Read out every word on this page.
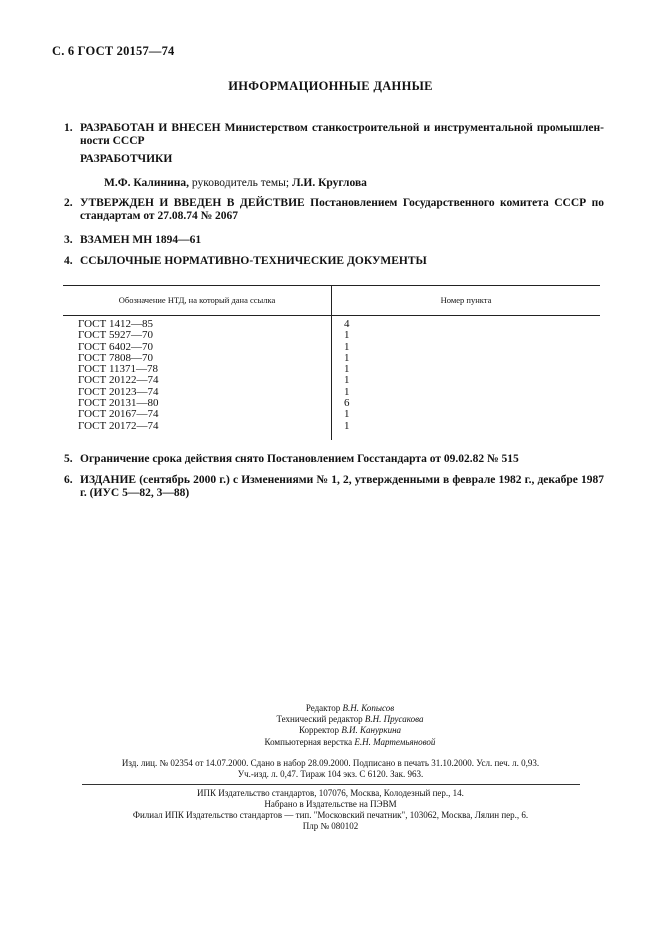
С. 6 ГОСТ 20157—74
ИНФОРМАЦИОННЫЕ ДАННЫЕ
1. РАЗРАБОТАН И ВНЕСЕН Министерством станкостроительной и инструментальной промышлен-ности СССР
РАЗРАБОТЧИКИ
М.Ф. Калинина, руководитель темы; Л.И. Круглова
2. УТВЕРЖДЕН И ВВЕДЕН В ДЕЙСТВИЕ Постановлением Государственного комитета СССР по стандартам от 27.08.74 № 2067
3. ВЗАМЕН МН 1894—61
4. ССЫЛОЧНЫЕ НОРМАТИВНО-ТЕХНИЧЕСКИЕ ДОКУМЕНТЫ
Обозначение НТД, на который дана ссылка	Номер пункта
ГОСТ 1412—85	4
ГОСТ 5927—70	1
ГОСТ 6402—70	1
ГОСТ 7808—70	1
ГОСТ 11371—78	1
ГОСТ 20122—74	1
ГОСТ 20123—74	1
ГОСТ 20131—80	6
ГОСТ 20167—74	1
ГОСТ 20172—74	1
5. Ограничение срока действия снято Постановлением Госстандарта от 09.02.82 № 515
6. ИЗДАНИЕ (сентябрь 2000 г.) с Изменениями № 1, 2, утвержденными в феврале 1982 г., декабре 1987 г. (ИУС 5—82, 3—88)
Редактор В.Н. Копысов
Технический редактор В.Н. Прусакова
Корректор В.И. Кануркина
Компьютерная верстка Е.Н. Мартемьяновой
Изд. лиц. № 02354 от 14.07.2000. Сдано в набор 28.09.2000. Подписано в печать 31.10.2000. Усл. печ. л. 0,93.
Уч.-изд. л. 0,47. Тираж 104 экз. С 6120. Зак. 963.
ИПК Издательство стандартов, 107076, Москва, Колодезный пер., 14.
Набрано в Издательстве на ПЭВМ
Филиал ИПК Издательство стандартов — тип. "Московский печатник", 103062, Москва, Лялин пер., 6.
Плр № 080102
